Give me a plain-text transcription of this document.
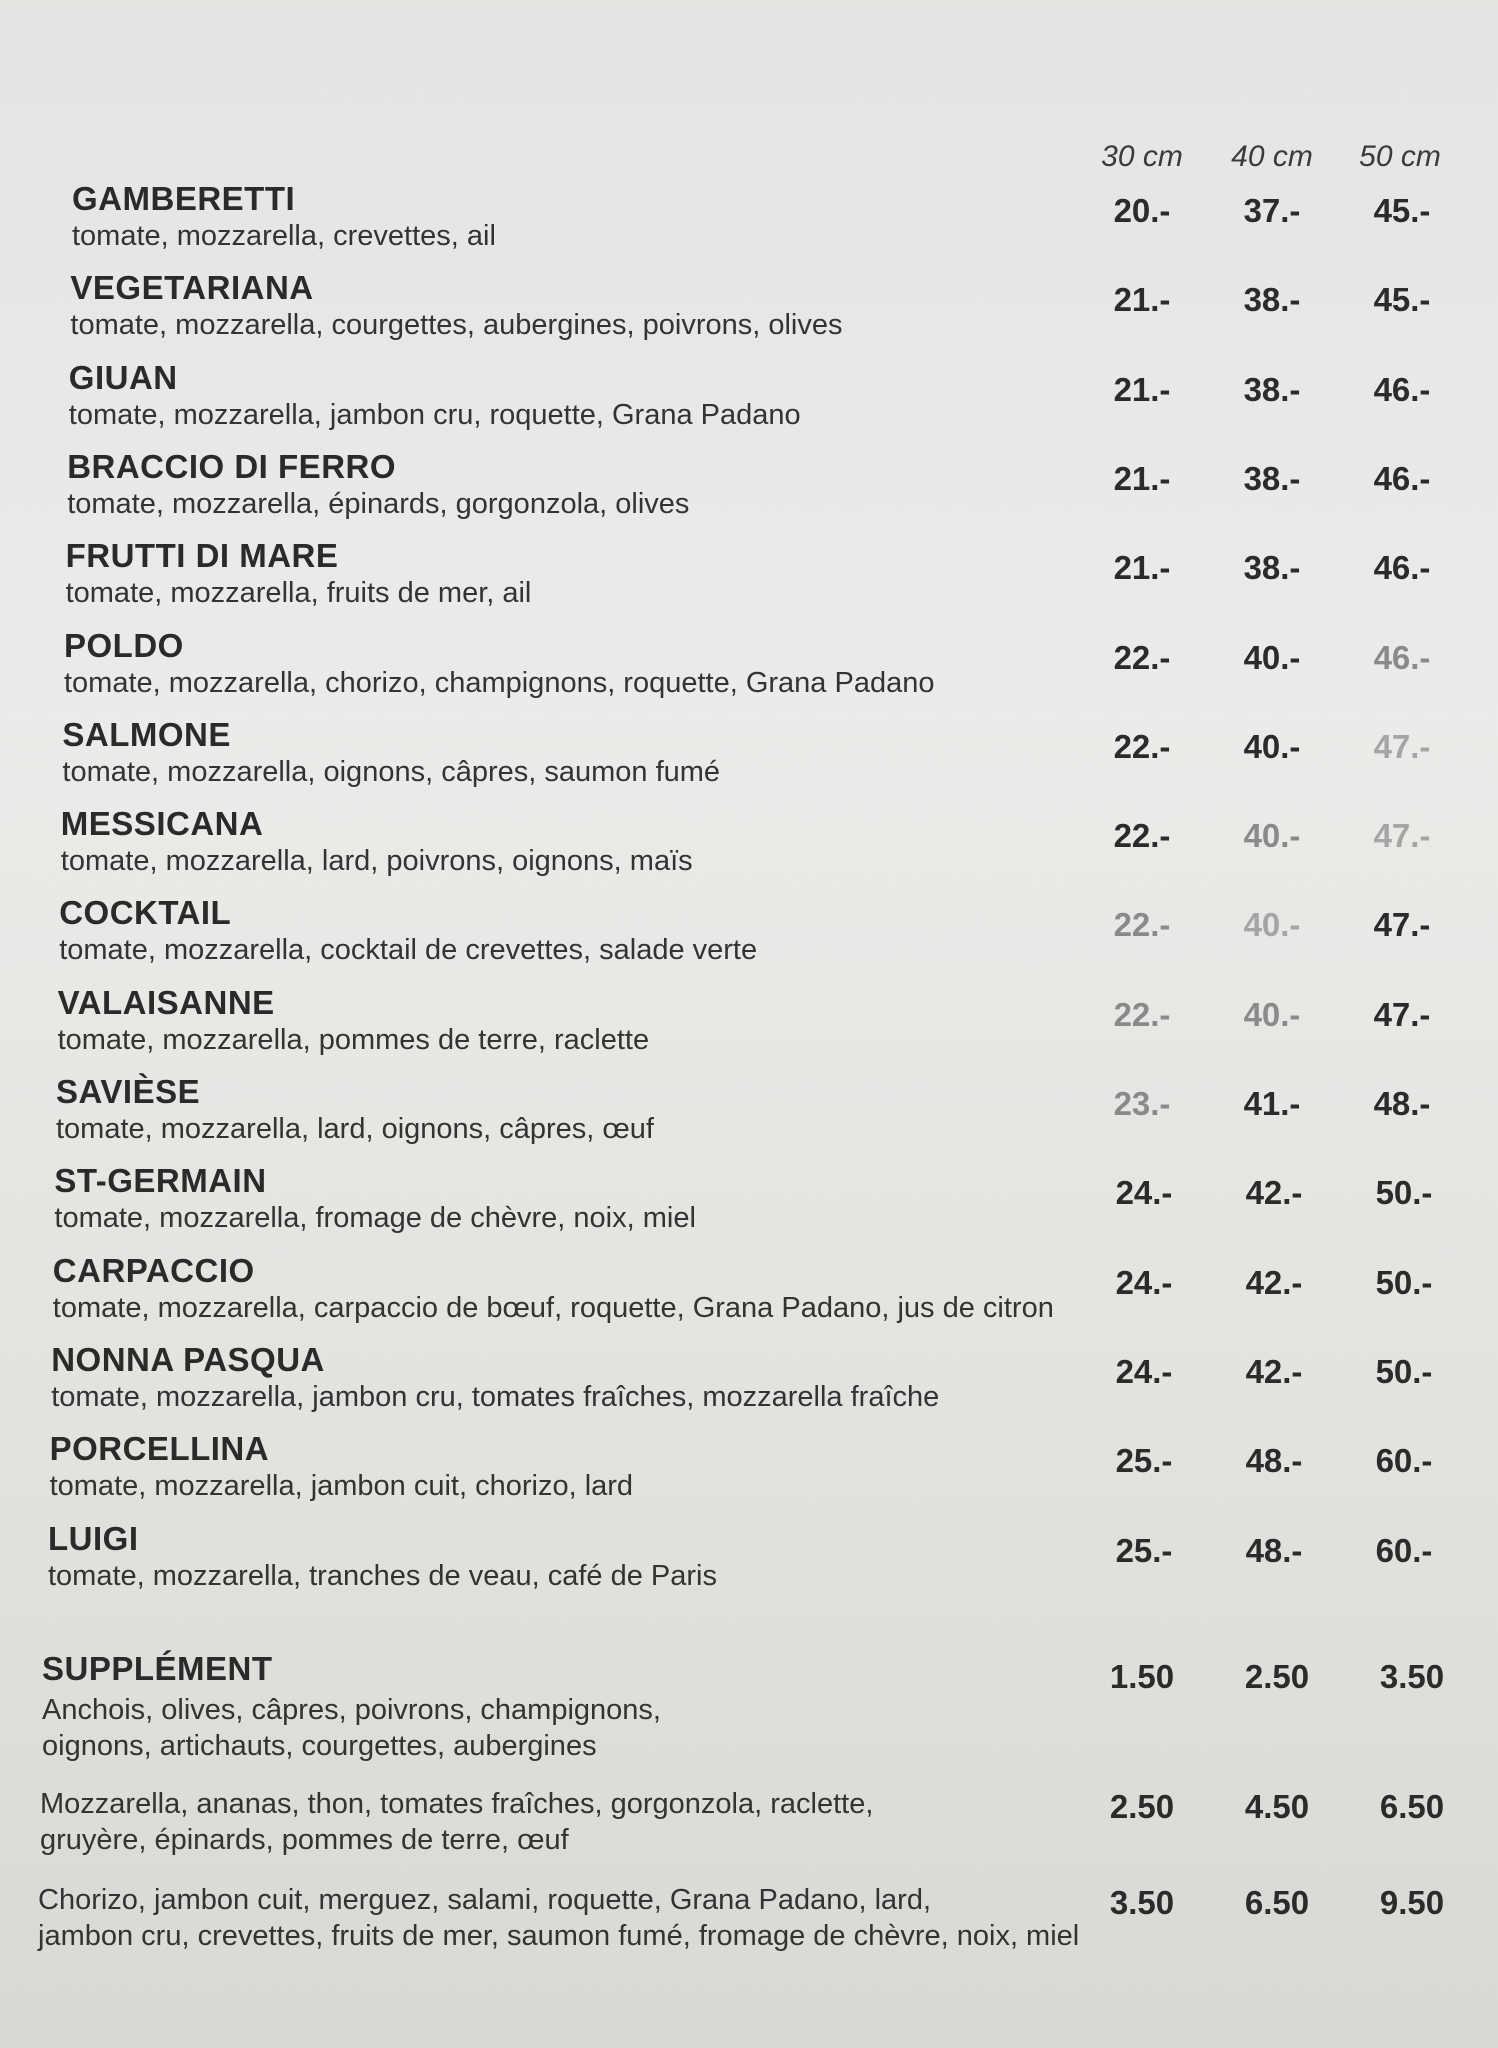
30 cm	40 cm	50 cm
GAMBERETTI
tomate, mozzarella, crevettes, ail
20.-	37.-	45.-
VEGETARIANA
tomate, mozzarella, courgettes, aubergines, poivrons, olives
21.-	38.-	45.-
GIUAN
tomate, mozzarella, jambon cru, roquette, Grana Padano
21.-	38.-	46.-
BRACCIO DI FERRO
tomate, mozzarella, épinards, gorgonzola, olives
21.-	38.-	46.-
FRUTTI DI MARE
tomate, mozzarella, fruits de mer, ail
21.-	38.-	46.-
POLDO
tomate, mozzarella, chorizo, champignons, roquette, Grana Padano
22.-	40.-	46.-
SALMONE
tomate, mozzarella, oignons, câpres, saumon fumé
22.-	40.-	47.-
MESSICANA
tomate, mozzarella, lard, poivrons, oignons, maïs
22.-	40.-	47.-
COCKTAIL
tomate, mozzarella, cocktail de crevettes, salade verte
22.-	40.-	47.-
VALAISANNE
tomate, mozzarella, pommes de terre, raclette
22.-	40.-	47.-
SAVIÈSE
tomate, mozzarella, lard, oignons, câpres, œuf
23.-	41.-	48.-
ST-GERMAIN
tomate, mozzarella, fromage de chèvre, noix, miel
24.-	42.-	50.-
CARPACCIO
tomate, mozzarella, carpaccio de bœuf, roquette, Grana Padano, jus de citron
24.-	42.-	50.-
NONNA PASQUA
tomate, mozzarella, jambon cru, tomates fraîches, mozzarella fraîche
24.-	42.-	50.-
PORCELLINA
tomate, mozzarella, jambon cuit, chorizo, lard
25.-	48.-	60.-
LUIGI
tomate, mozzarella, tranches de veau, café de Paris
25.-	48.-	60.-
SUPPLÉMENT
Anchois, olives, câpres, poivrons, champignons,
oignons, artichauts, courgettes, aubergines
1.50	2.50	3.50
Mozzarella, ananas, thon, tomates fraîches, gorgonzola, raclette,
gruyère, épinards, pommes de terre, œuf
2.50	4.50	6.50
Chorizo, jambon cuit, merguez, salami, roquette, Grana Padano, lard,
jambon cru, crevettes, fruits de mer, saumon fumé, fromage de chèvre, noix, miel
3.50	6.50	9.50
